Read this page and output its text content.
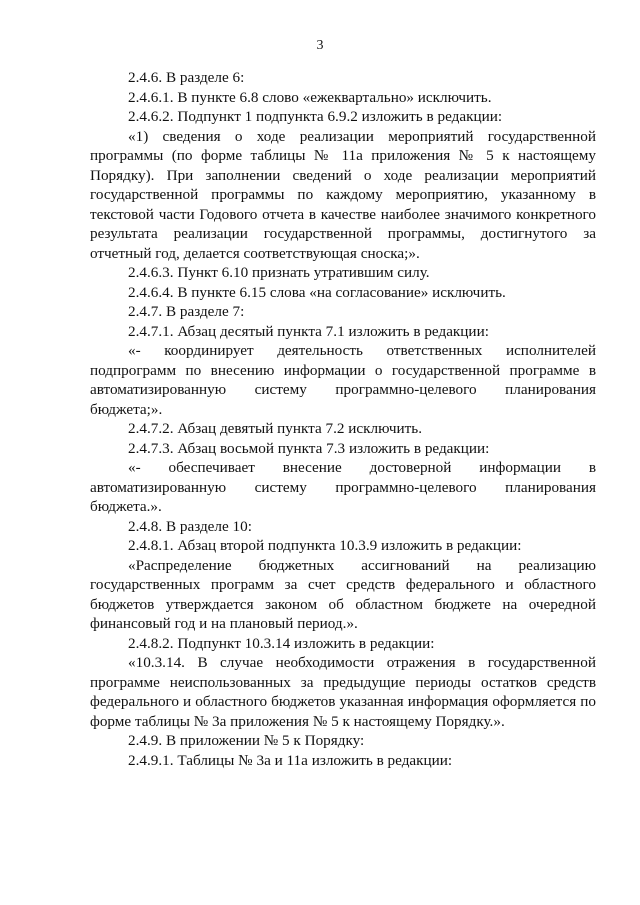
3

2.4.6. В разделе 6:

2.4.6.1. В пункте 6.8 слово «ежеквартально» исключить.

2.4.6.2. Подпункт 1 подпункта 6.9.2 изложить в редакции:

«1) сведения о ходе реализации мероприятий государственной программы (по форме таблицы № 11а приложения № 5 к настоящему Порядку). При заполнении сведений о ходе реализации мероприятий государственной программы по каждому мероприятию, указанному в текстовой части Годового отчета в качестве наиболее значимого конкретного результата реализации государственной программы, достигнутого за отчетный год, делается соответствующая сноска;».

2.4.6.3. Пункт 6.10 признать утратившим силу.

2.4.6.4. В пункте 6.15 слова «на согласование» исключить.

2.4.7. В разделе 7:

2.4.7.1. Абзац десятый пункта 7.1 изложить в редакции:

«- координирует деятельность ответственных исполнителей подпрограмм по внесению информации о государственной программе в автоматизированную систему программно-целевого планирования бюджета;».

2.4.7.2. Абзац девятый пункта 7.2 исключить.

2.4.7.3. Абзац восьмой пункта 7.3 изложить в редакции:

«- обеспечивает внесение достоверной информации в автоматизированную систему программно-целевого планирования бюджета.».

2.4.8. В разделе 10:

2.4.8.1. Абзац второй подпункта 10.3.9 изложить в редакции:

«Распределение бюджетных ассигнований на реализацию государственных программ за счет средств федерального и областного бюджетов утверждается законом об областном бюджете на очередной финансовый год и на плановый период.».

2.4.8.2. Подпункт 10.3.14 изложить в редакции:

«10.3.14. В случае необходимости отражения в государственной программе неиспользованных за предыдущие периоды остатков средств федерального и областного бюджетов указанная информация оформляется по форме таблицы № 3а приложения № 5 к настоящему Порядку.».

2.4.9. В приложении № 5 к Порядку:

2.4.9.1. Таблицы № 3а и 11а изложить в редакции:
